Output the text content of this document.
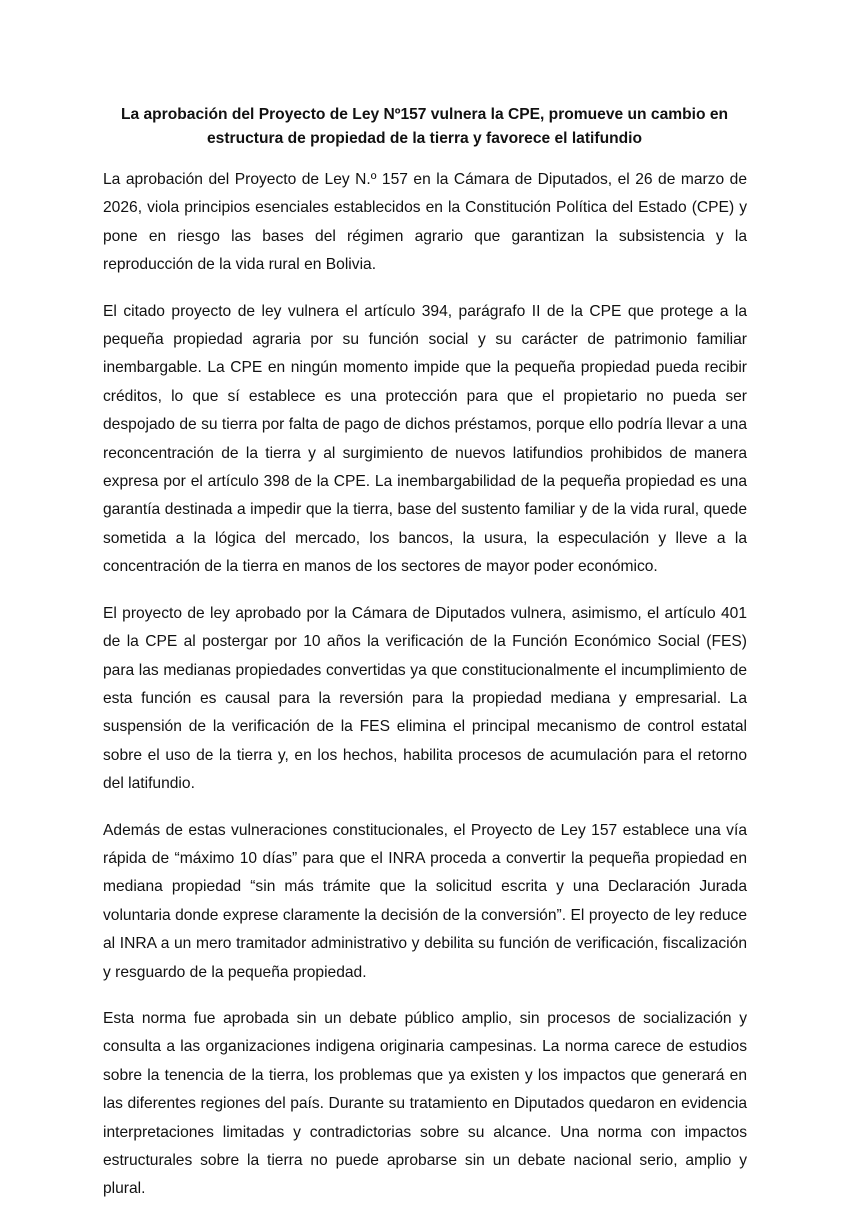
La aprobación del Proyecto de Ley Nº157 vulnera la CPE, promueve un cambio en
estructura de propiedad de la tierra y favorece el latifundio

La aprobación del Proyecto de Ley N.º 157 en la Cámara de Diputados, el 26 de marzo de 2026, viola principios esenciales establecidos en la Constitución Política del Estado (CPE) y pone en riesgo las bases del régimen agrario que garantizan la subsistencia y la reproducción de la vida rural en Bolivia.

El citado proyecto de ley vulnera el artículo 394, parágrafo II de la CPE que protege a la pequeña propiedad agraria por su función social y su carácter de patrimonio familiar inembargable. La CPE en ningún momento impide que la pequeña propiedad pueda recibir créditos, lo que sí establece es una protección para que el propietario no pueda ser despojado de su tierra por falta de pago de dichos préstamos, porque ello podría llevar a una reconcentración de la tierra y al surgimiento de nuevos latifundios prohibidos de manera expresa por el artículo 398 de la CPE. La inembargabilidad de la pequeña propiedad es una garantía destinada a impedir que la tierra, base del sustento familiar y de la vida rural, quede sometida a la lógica del mercado, los bancos, la usura, la especulación y lleve a la concentración de la tierra en manos de los sectores de mayor poder económico.

El proyecto de ley aprobado por la Cámara de Diputados vulnera, asimismo, el artículo 401 de la CPE al postergar por 10 años la verificación de la Función Económico Social (FES) para las medianas propiedades convertidas ya que constitucionalmente el incumplimiento de esta función es causal para la reversión para la propiedad mediana y empresarial. La suspensión de la verificación de la FES elimina el principal mecanismo de control estatal sobre el uso de la tierra y, en los hechos, habilita procesos de acumulación para el retorno del latifundio.

Además de estas vulneraciones constitucionales, el Proyecto de Ley 157 establece una vía rápida de “máximo 10 días” para que el INRA proceda a convertir la pequeña propiedad en mediana propiedad “sin más trámite que la solicitud escrita y una Declaración Jurada voluntaria donde exprese claramente la decisión de la conversión”. El proyecto de ley reduce al INRA a un mero tramitador administrativo y debilita su función de verificación, fiscalización y resguardo de la pequeña propiedad.

Esta norma fue aprobada sin un debate público amplio, sin procesos de socialización y consulta a las organizaciones indigena originaria campesinas. La norma carece de estudios sobre la tenencia de la tierra, los problemas que ya existen y los impactos que generará en las diferentes regiones del país. Durante su tratamiento en Diputados quedaron en evidencia interpretaciones limitadas y contradictorias sobre su alcance. Una norma con impactos estructurales sobre la tierra no puede aprobarse sin un debate nacional serio, amplio y plural.
